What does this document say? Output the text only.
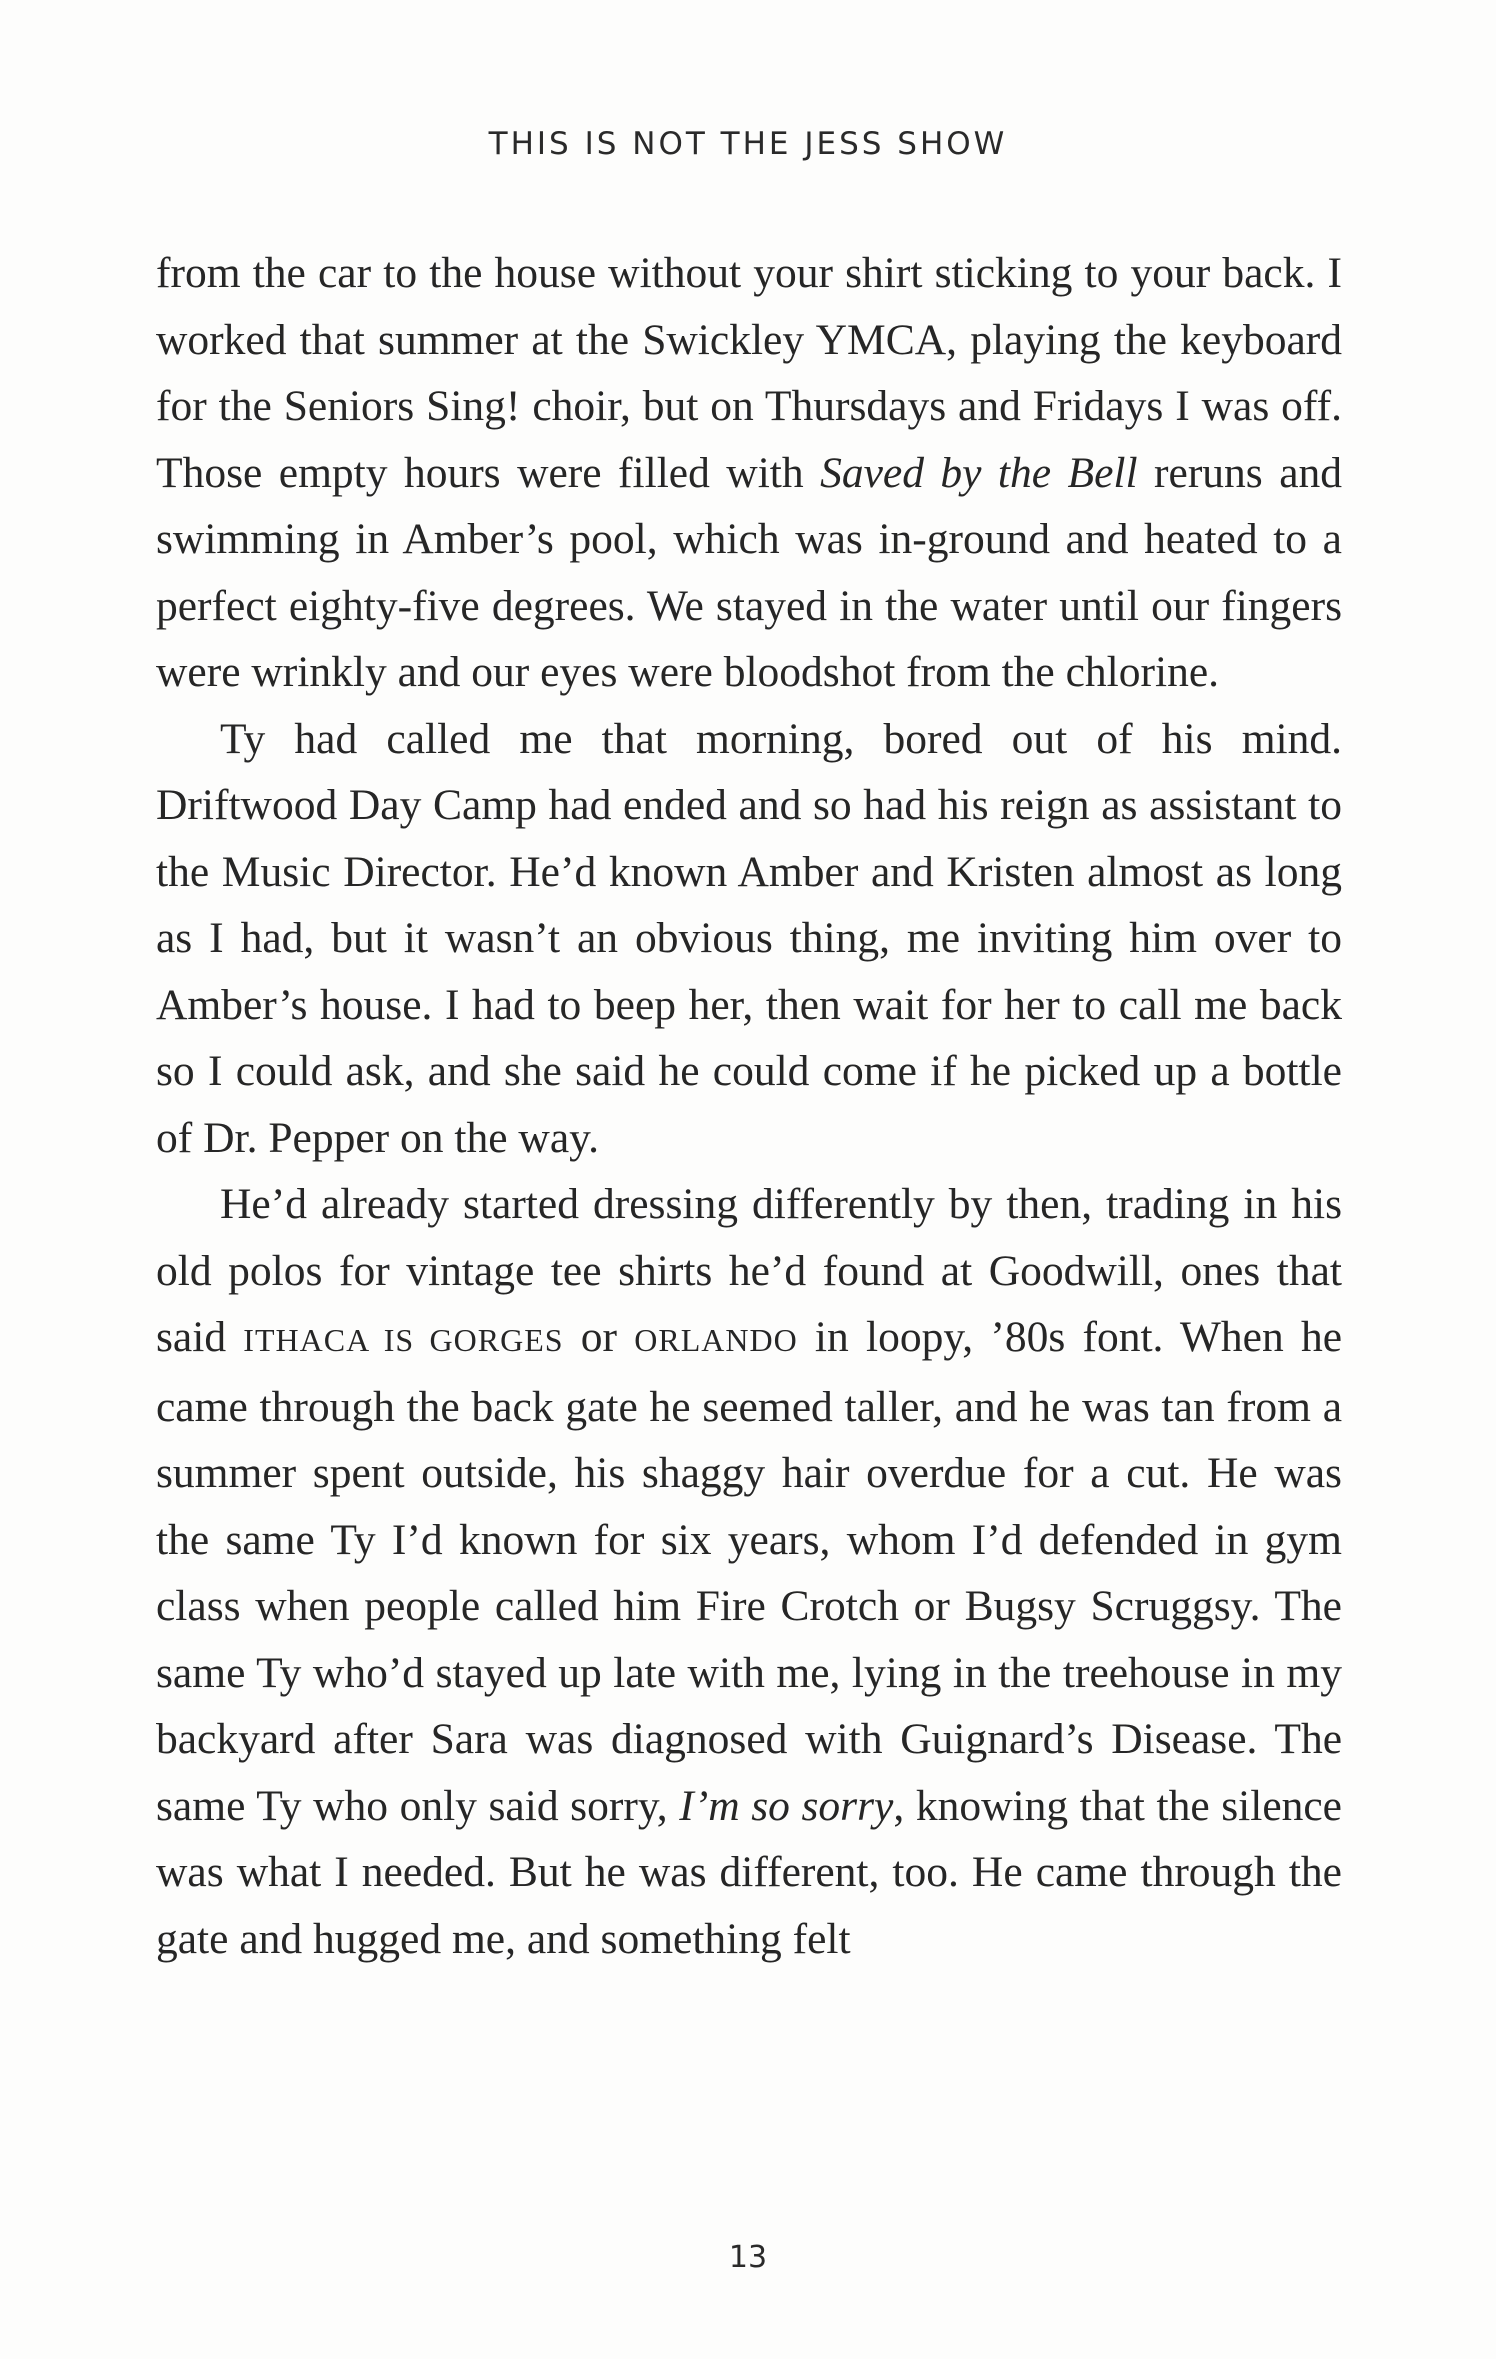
THIS IS NOT THE JESS SHOW

from the car to the house without your shirt sticking to your back. I worked that summer at the Swickley YMCA, playing the keyboard for the Seniors Sing! choir, but on Thursdays and Fridays I was off. Those empty hours were filled with Saved by the Bell reruns and swimming in Amber’s pool, which was in-ground and heated to a perfect eighty-five degrees. We stayed in the water until our fingers were wrinkly and our eyes were bloodshot from the chlorine.

Ty had called me that morning, bored out of his mind. Driftwood Day Camp had ended and so had his reign as assistant to the Music Director. He’d known Amber and Kristen almost as long as I had, but it wasn’t an obvious thing, me inviting him over to Amber’s house. I had to beep her, then wait for her to call me back so I could ask, and she said he could come if he picked up a bottle of Dr. Pepper on the way.

He’d already started dressing differently by then, trading in his old polos for vintage tee shirts he’d found at Goodwill, ones that said ITHACA IS GORGES or ORLANDO in loopy, ’80s font. When he came through the back gate he seemed taller, and he was tan from a summer spent outside, his shaggy hair overdue for a cut. He was the same Ty I’d known for six years, whom I’d defended in gym class when people called him Fire Crotch or Bugsy Scruggsy. The same Ty who’d stayed up late with me, lying in the treehouse in my backyard after Sara was diagnosed with Guignard’s Disease. The same Ty who only said sorry, I’m so sorry, knowing that the silence was what I needed. But he was different, too. He came through the gate and hugged me, and something felt

13
